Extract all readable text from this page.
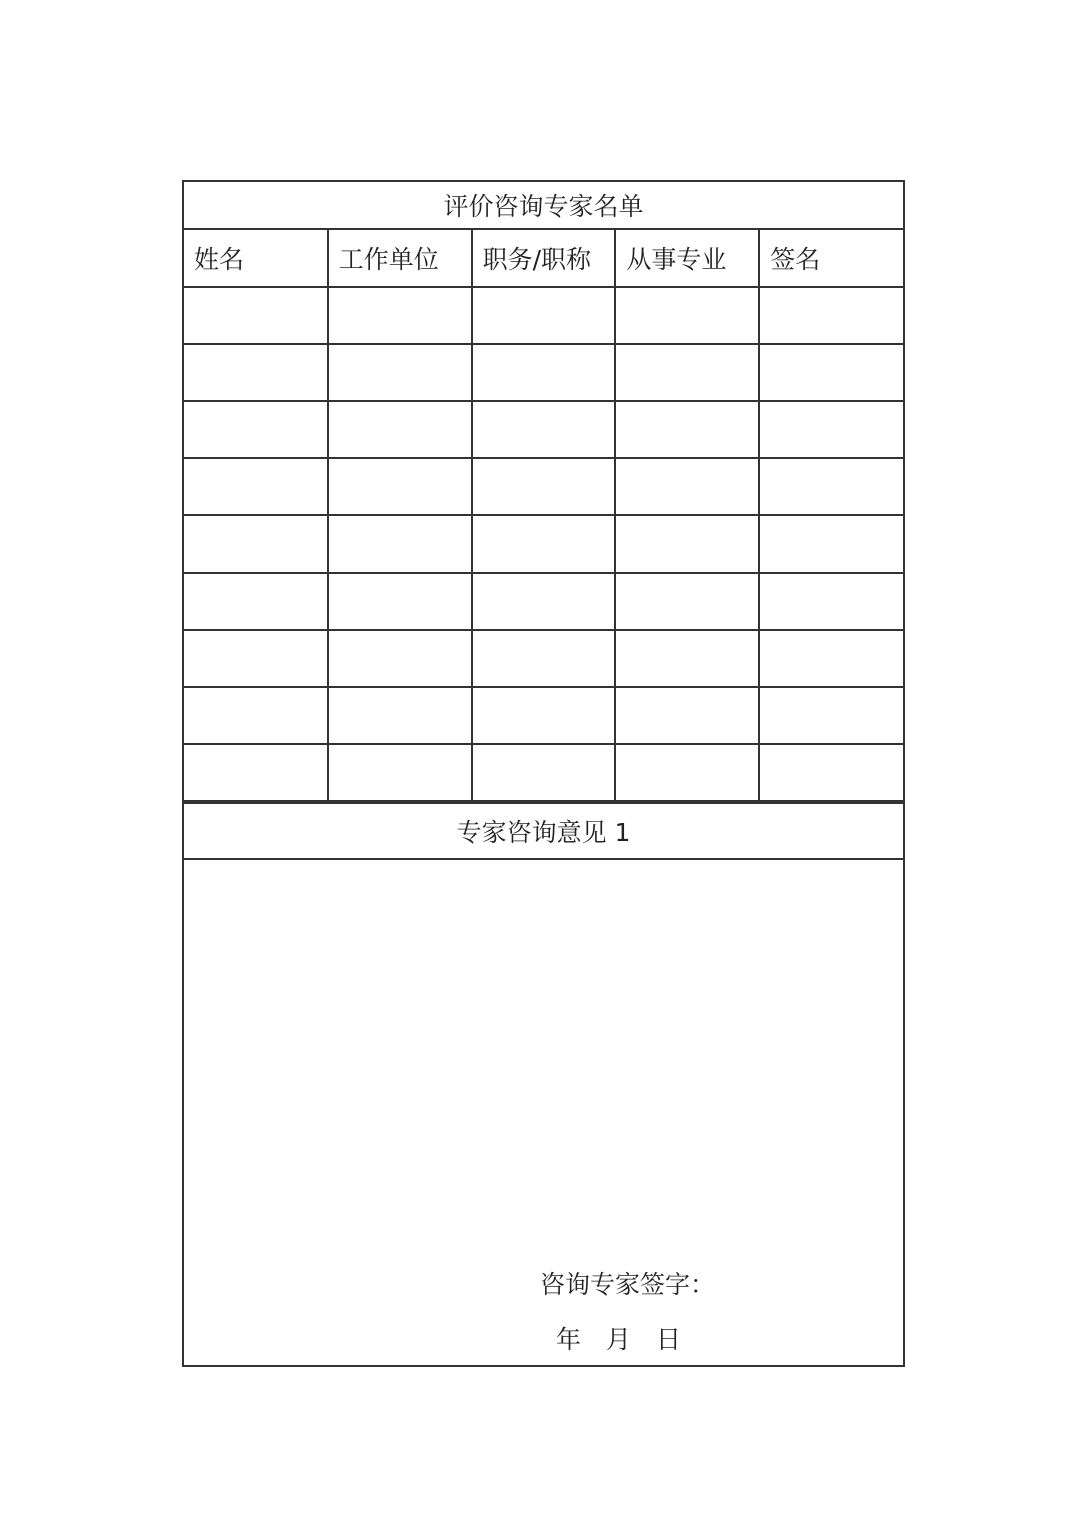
评价咨询专家名单
姓名	工作单位	职务/职称	从事专业	签名

专家咨询意见 1
咨询专家签字：
年 月 日
